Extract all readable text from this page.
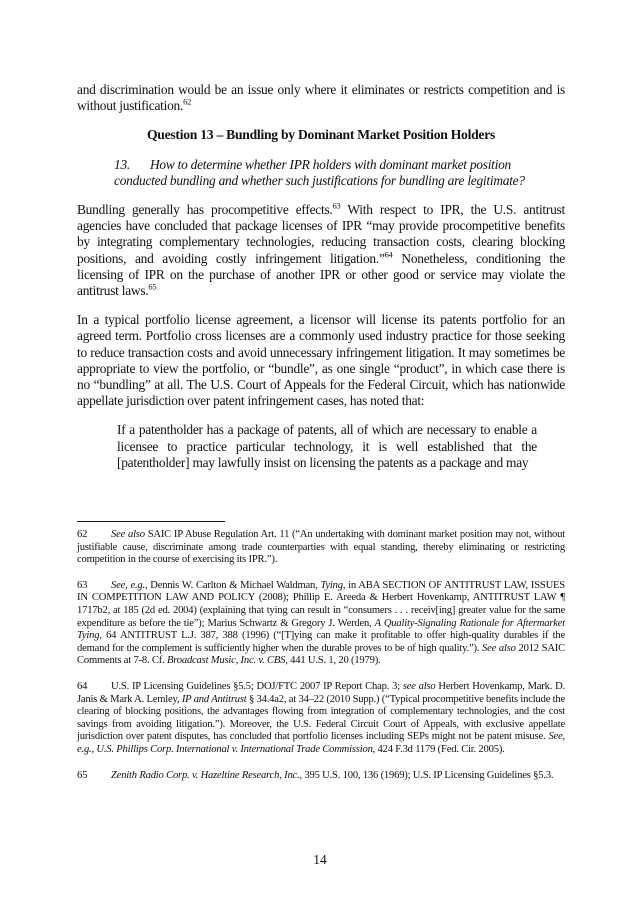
and discrimination would be an issue only where it eliminates or restricts competition and is without justification.$^{62}$

Question 13 – Bundling by Dominant Market Position Holders

13. How to determine whether IPR holders with dominant market position conducted bundling and whether such justifications for bundling are legitimate?

Bundling generally has procompetitive effects.$^{63}$ With respect to IPR, the U.S. antitrust agencies have concluded that package licenses of IPR “may provide procompetitive benefits by integrating complementary technologies, reducing transaction costs, clearing blocking positions, and avoiding costly infringement litigation.”$^{64}$ Nonetheless, conditioning the licensing of IPR on the purchase of another IPR or other good or service may violate the antitrust laws.$^{65}$

In a typical portfolio license agreement, a licensor will license its patents portfolio for an agreed term. Portfolio cross licenses are a commonly used industry practice for those seeking to reduce transaction costs and avoid unnecessary infringement litigation. It may sometimes be appropriate to view the portfolio, or “bundle”, as one single “product”, in which case there is no “bundling” at all. The U.S. Court of Appeals for the Federal Circuit, which has nationwide appellate jurisdiction over patent infringement cases, has noted that:

If a patentholder has a package of patents, all of which are necessary to enable a licensee to practice particular technology, it is well established that the [patentholder] may lawfully insist on licensing the patents as a package and may

62 See also SAIC IP Abuse Regulation Art. 11 (“An undertaking with dominant market position may not, without justifiable cause, discriminate among trade counterparties with equal standing, thereby eliminating or restricting competition in the course of exercising its IPR.”).

63 See, e.g., Dennis W. Carlton & Michael Waldman, Tying, in ABA SECTION OF ANTITRUST LAW, ISSUES IN COMPETITION LAW AND POLICY (2008); Phillip E. Areeda & Herbert Hovenkamp, ANTITRUST LAW ¶ 1717b2, at 185 (2d ed. 2004) (explaining that tying can result in “consumers . . . receiv[ing] greater value for the same expenditure as before the tie”); Marius Schwartz & Gregory J. Werden, A Quality-Signaling Rationale for Aftermarket Tying, 64 ANTITRUST L.J. 387, 388 (1996) (“[T]ying can make it profitable to offer high-quality durables if the demand for the complement is sufficiently higher when the durable proves to be of high quality.”). See also 2012 SAIC Comments at 7-8. Cf. Broadcast Music, Inc. v. CBS, 441 U.S. 1, 20 (1979).

64 U.S. IP Licensing Guidelines §5.5; DOJ/FTC 2007 IP Report Chap. 3; see also Herbert Hovenkamp, Mark. D. Janis & Mark A. Lemley, IP and Antitrust § 34.4a2, at 34–22 (2010 Supp.) (“Typical procompetitive benefits include the clearing of blocking positions, the advantages flowing from integration of complementary technologies, and the cost savings from avoiding litigation.”). Moreover, the U.S. Federal Circuit Court of Appeals, with exclusive appellate jurisdiction over patent disputes, has concluded that portfolio licenses including SEPs might not be patent misuse. See, e.g., U.S. Phillips Corp. International v. International Trade Commission, 424 F.3d 1179 (Fed. Cir. 2005).

65 Zenith Radio Corp. v. Hazeltine Research, Inc., 395 U.S. 100, 136 (1969); U.S. IP Licensing Guidelines §5.3.

14
